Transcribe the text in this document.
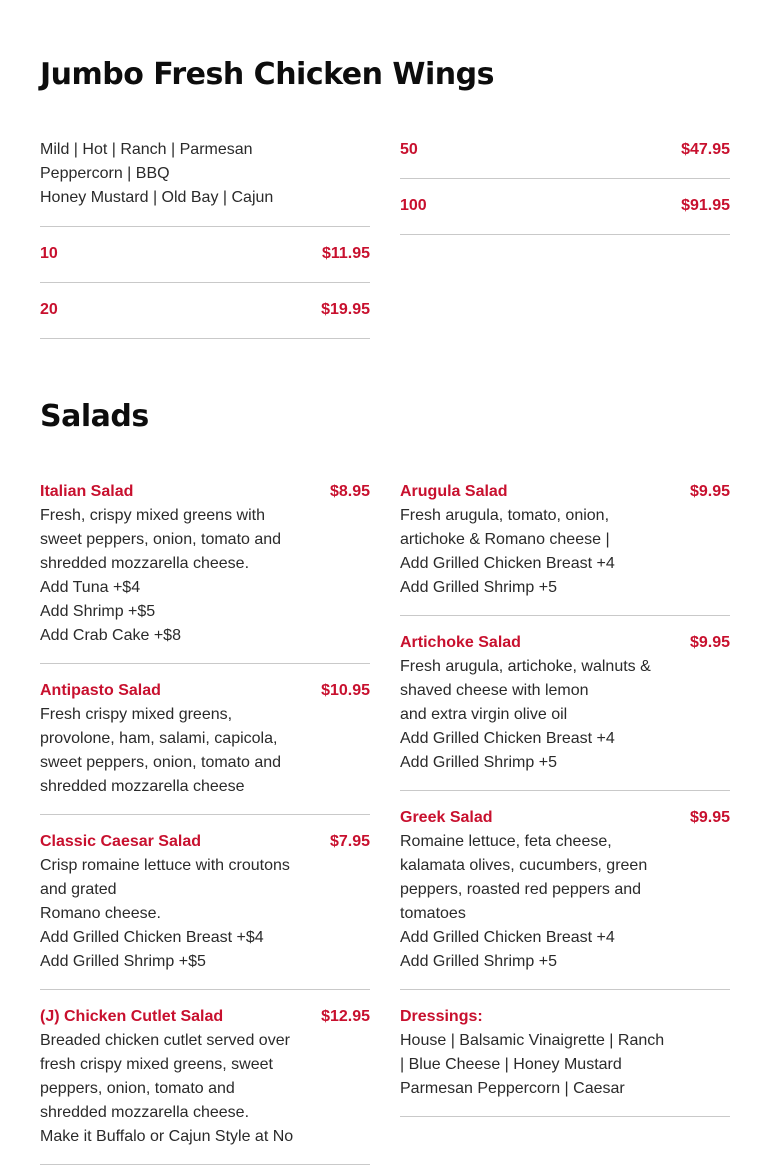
Jumbo Fresh Chicken Wings
Mild | Hot | Ranch | Parmesan
Peppercorn | BBQ
Honey Mustard | Old Bay | Cajun
10	$11.95
20	$19.95
50	$47.95
100	$91.95
Salads
Italian Salad	$8.95
Fresh, crispy mixed greens with
sweet peppers, onion, tomato and
shredded mozzarella cheese.
Add Tuna +$4
Add Shrimp +$5
Add Crab Cake +$8
Antipasto Salad	$10.95
Fresh crispy mixed greens,
provolone, ham, salami, capicola,
sweet peppers, onion, tomato and
shredded mozzarella cheese
Classic Caesar Salad	$7.95
Crisp romaine lettuce with croutons
and grated
Romano cheese.
Add Grilled Chicken Breast +$4
Add Grilled Shrimp +$5
(J) Chicken Cutlet Salad	$12.95
Breaded chicken cutlet served over
fresh crispy mixed greens, sweet
peppers, onion, tomato and
shredded mozzarella cheese.
Make it Buffalo or Cajun Style at No
Arugula Salad	$9.95
Fresh arugula, tomato, onion,
artichoke & Romano cheese |
Add Grilled Chicken Breast +4
Add Grilled Shrimp +5
Artichoke Salad	$9.95
Fresh arugula, artichoke, walnuts &
shaved cheese with lemon
and extra virgin olive oil
Add Grilled Chicken Breast +4
Add Grilled Shrimp +5
Greek Salad	$9.95
Romaine lettuce, feta cheese,
kalamata olives, cucumbers, green
peppers, roasted red peppers and
tomatoes
Add Grilled Chicken Breast +4
Add Grilled Shrimp +5
Dressings:
House | Balsamic Vinaigrette | Ranch
| Blue Cheese | Honey Mustard
Parmesan Peppercorn | Caesar
